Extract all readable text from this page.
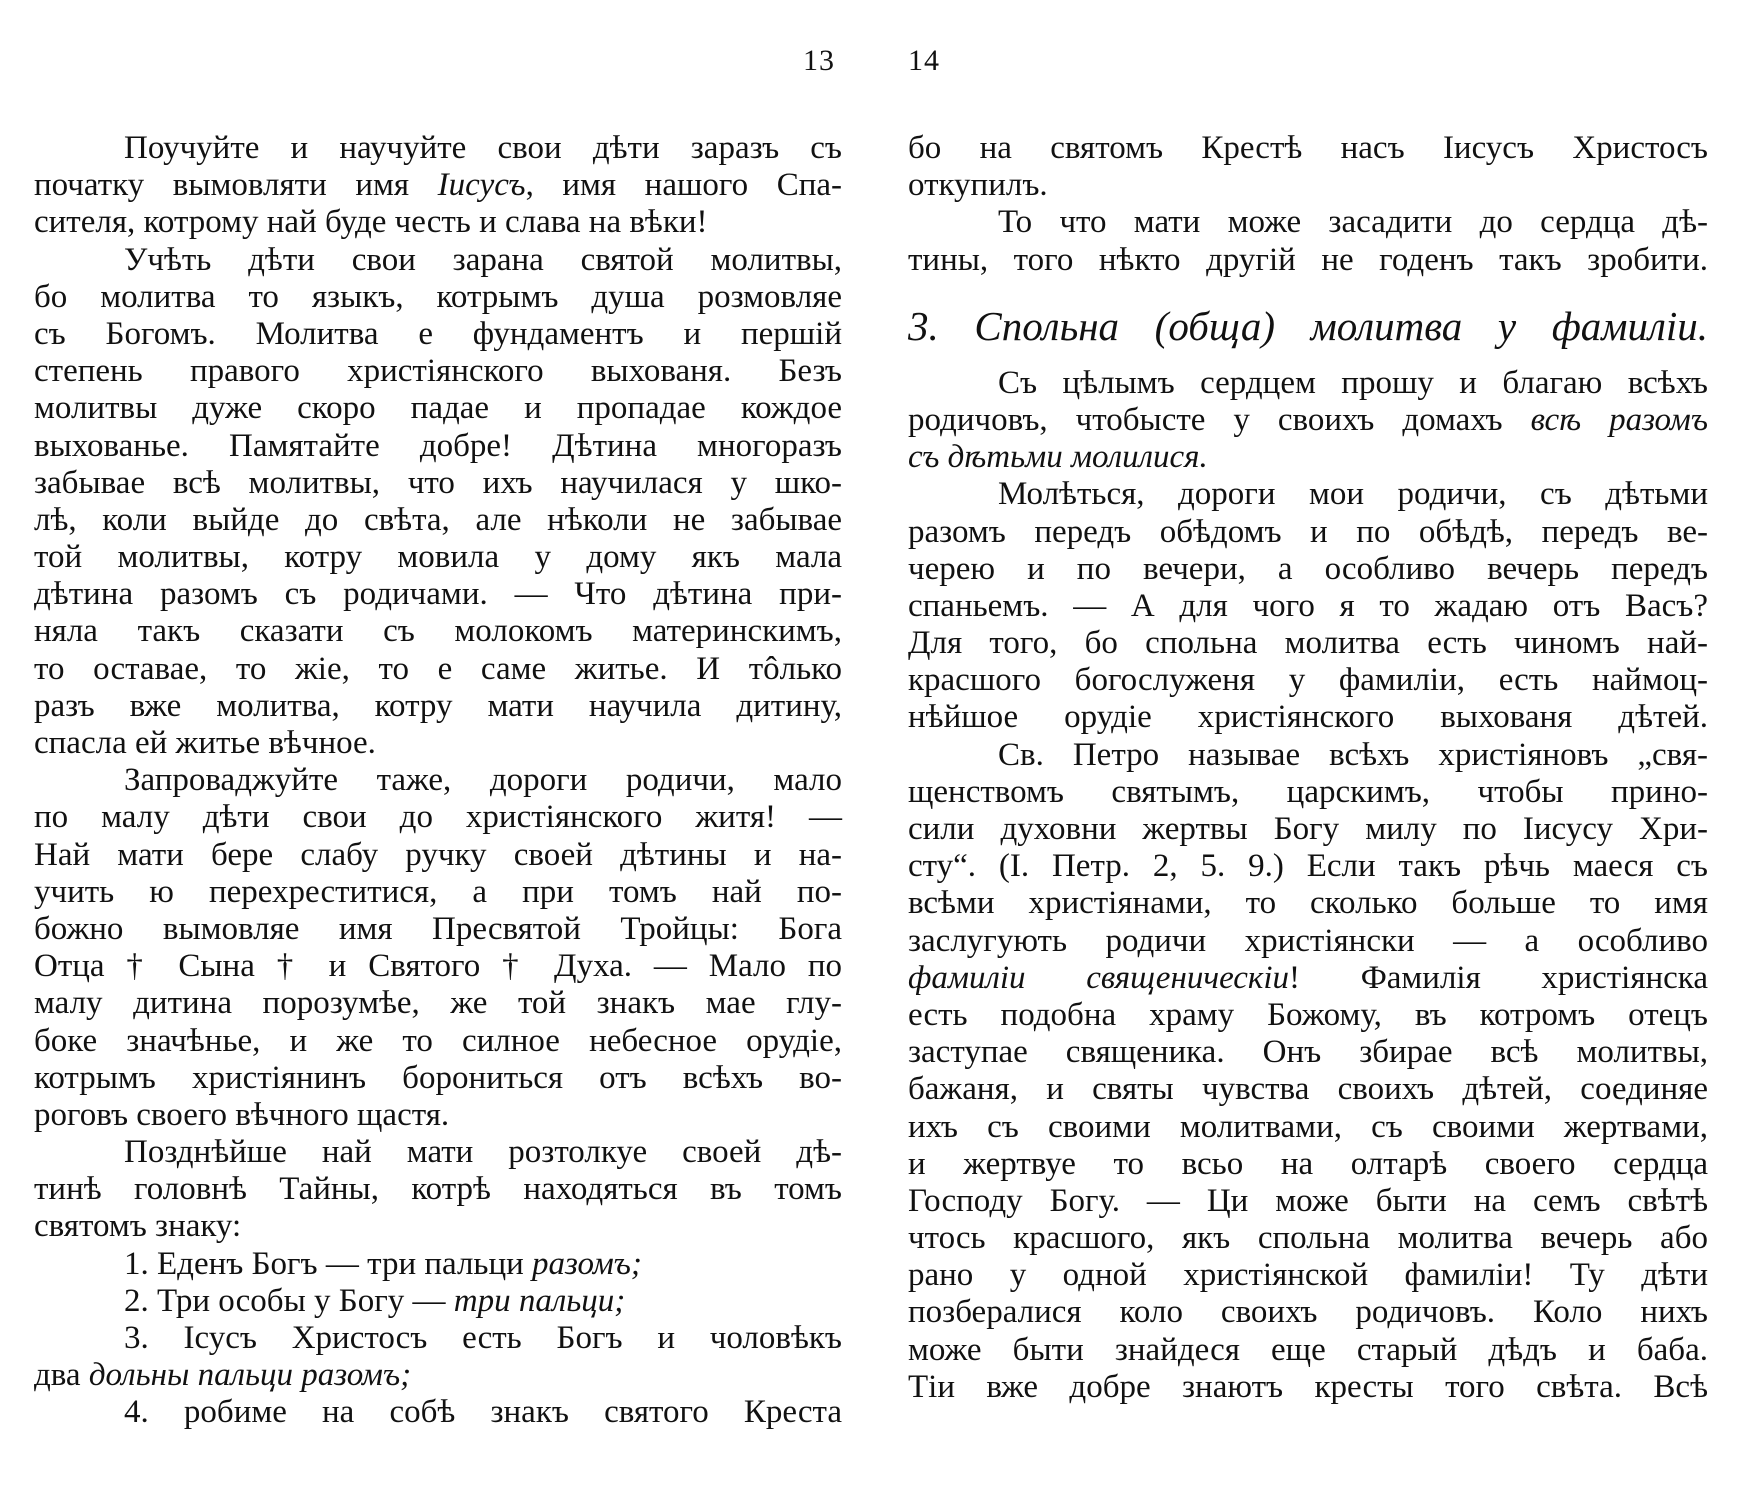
13
Поучуйте и научуйте свои дѣти заразъ съ
початку вымовляти имя Іисусъ, имя нашого Спа-
сителя, котрому най буде честь и слава на вѣки!
Учѣть дѣти свои зарана святой молитвы,
бо молитва то языкъ, котрымъ душа розмовляе
съ Богомъ. Молитва е фундаментъ и першій
степень правого христіянского выхованя. Безъ
молитвы дуже скоро падае и пропадае кождое
выхованье. Памятайте добре! Дѣтина многоразъ
забывае всѣ молитвы, что ихъ научилася у шко-
лѣ, коли выйде до свѣта, але нѣколи не забывае
той молитвы, котру мовила у дому якъ мала
дѣтина разомъ съ родичами. — Что дѣтина при-
няла такъ сказати съ молокомъ материнскимъ,
то оставае, то жіе, то е саме житье. И тôлько
разъ вже молитва, котру мати научила дитину,
спасла ей житье вѣчное.
Запроваджуйте таже, дороги родичи, мало
по малу дѣти свои до христіянского житя! —
Най мати бере слабу ручку своей дѣтины и на-
учить ю перехреститися, а при томъ най по-
божно вымовляе имя Пресвятой Тройцы: Бога
Отца † Сына † и Святого † Духа. — Мало по
малу дитина порозумѣе, же той знакъ мае глу-
боке значѣнье, и же то силное небесное орудіе,
котрымъ христіянинъ борониться отъ всѣхъ во-
роговъ своего вѣчного щастя.
Позднѣйше най мати розтолкуе своей дѣ-
тинѣ головнѣ Тайны, котрѣ находяться въ томъ
святомъ знаку:
1. Еденъ Богъ — три пальци разомъ;
2. Три особы у Богу — три пальци;
3. Ісусъ Христосъ есть Богъ и чоловѣкъ
два дольны пальци разомъ;
4. робиме на собѣ знакъ святого Креста
14
бо на святомъ Крестѣ насъ Іисусъ Христосъ
откупилъ.
То что мати може засадити до сердца дѣ-
тины, того нѣкто другій не годенъ такъ зробити.
3. Спольна (обща) молитва у фамиліи.
Съ цѣлымъ сердцем прошу и благаю всѣхъ
родичовъ, чтобысте у своихъ домахъ всѣ разомъ
съ дѣтьми молилися.
Молѣться, дороги мои родичи, съ дѣтьми
разомъ передъ обѣдомъ и по обѣдѣ, передъ ве-
черею и по вечери, а особливо вечерь передъ
спаньемъ. — А для чого я то жадаю отъ Васъ?
Для того, бо спольна молитва есть чиномъ най-
красшого богослуженя у фамиліи, есть наймоц-
нѣйшое орудіе христіянского выхованя дѣтей.
Св. Петро называе всѣхъ христіяновъ „свя-
щенствомъ святымъ, царскимъ, чтобы прино-
сили духовни жертвы Богу милу по Іисусу Хри-
сту“. (I. Петр. 2, 5. 9.) Если такъ рѣчь маеся съ
всѣми христіянами, то сколько больше то имя
заслугують родичи христіянски — а особливо
фамиліи священическіи! Фамилія христіянска
есть подобна храму Божому, въ котромъ отецъ
заступае священика. Онъ збирае всѣ молитвы,
бажаня, и святы чувства своихъ дѣтей, соединяе
ихъ съ своими молитвами, съ своими жертвами,
и жертвуе то всьо на олтарѣ своего сердца
Господу Богу. — Ци може быти на семъ свѣтѣ
чтось красшого, якъ спольна молитва вечерь або
рано у одной христіянской фамиліи! Ту дѣти
позбералися коло своихъ родичовъ. Коло нихъ
може быти знайдеся еще старый дѣдъ и баба.
Тіи вже добре знаютъ кресты того свѣта. Всѣ
